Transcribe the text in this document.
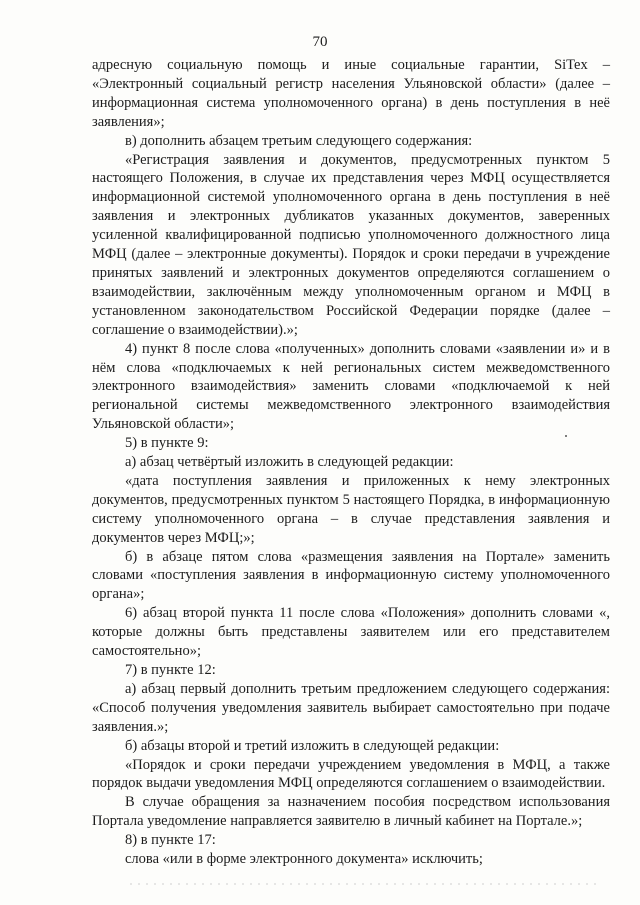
70

адресную социальную помощь и иные социальные гарантии, SiTex – «Электронный социальный регистр населения Ульяновской области» (далее – информационная система уполномоченного органа) в день поступления в неё заявления»;

в) дополнить абзацем третьим следующего содержания:

«Регистрация заявления и документов, предусмотренных пунктом 5 настоящего Положения, в случае их представления через МФЦ осуществляется информационной системой уполномоченного органа в день поступления в неё заявления и электронных дубликатов указанных документов, заверенных усиленной квалифицированной подписью уполномоченного должностного лица МФЦ (далее – электронные документы). Порядок и сроки передачи в учреждение принятых заявлений и электронных документов определяются соглашением о взаимодействии, заключённым между уполномоченным органом и МФЦ в установленном законодательством Российской Федерации порядке (далее – соглашение о взаимодействии).»;

4) пункт 8 после слова «полученных» дополнить словами «заявлении и» и в нём слова «подключаемых к ней региональных систем межведомственного электронного взаимодействия» заменить словами «подключаемой к ней региональной системы межведомственного электронного взаимодействия Ульяновской области»;

5) в пункте 9:

а) абзац четвёртый изложить в следующей редакции:

«дата поступления заявления и приложенных к нему электронных документов, предусмотренных пунктом 5 настоящего Порядка, в информационную систему уполномоченного органа – в случае представления заявления и документов через МФЦ;»;

б) в абзаце пятом слова «размещения заявления на Портале» заменить словами «поступления заявления в информационную систему уполномоченного органа»;

6) абзац второй пункта 11 после слова «Положения» дополнить словами «, которые должны быть представлены заявителем или его представителем самостоятельно»;

7) в пункте 12:

а) абзац первый дополнить третьим предложением следующего содержания: «Способ получения уведомления заявитель выбирает самостоятельно при подаче заявления.»;

б) абзацы второй и третий изложить в следующей редакции:

«Порядок и сроки передачи учреждением уведомления в МФЦ, а также порядок выдачи уведомления МФЦ определяются соглашением о взаимодействии.

В случае обращения за назначением пособия посредством использования Портала уведомление направляется заявителю в личный кабинет на Портале.»;

8) в пункте 17:

слова «или в форме электронного документа» исключить;
